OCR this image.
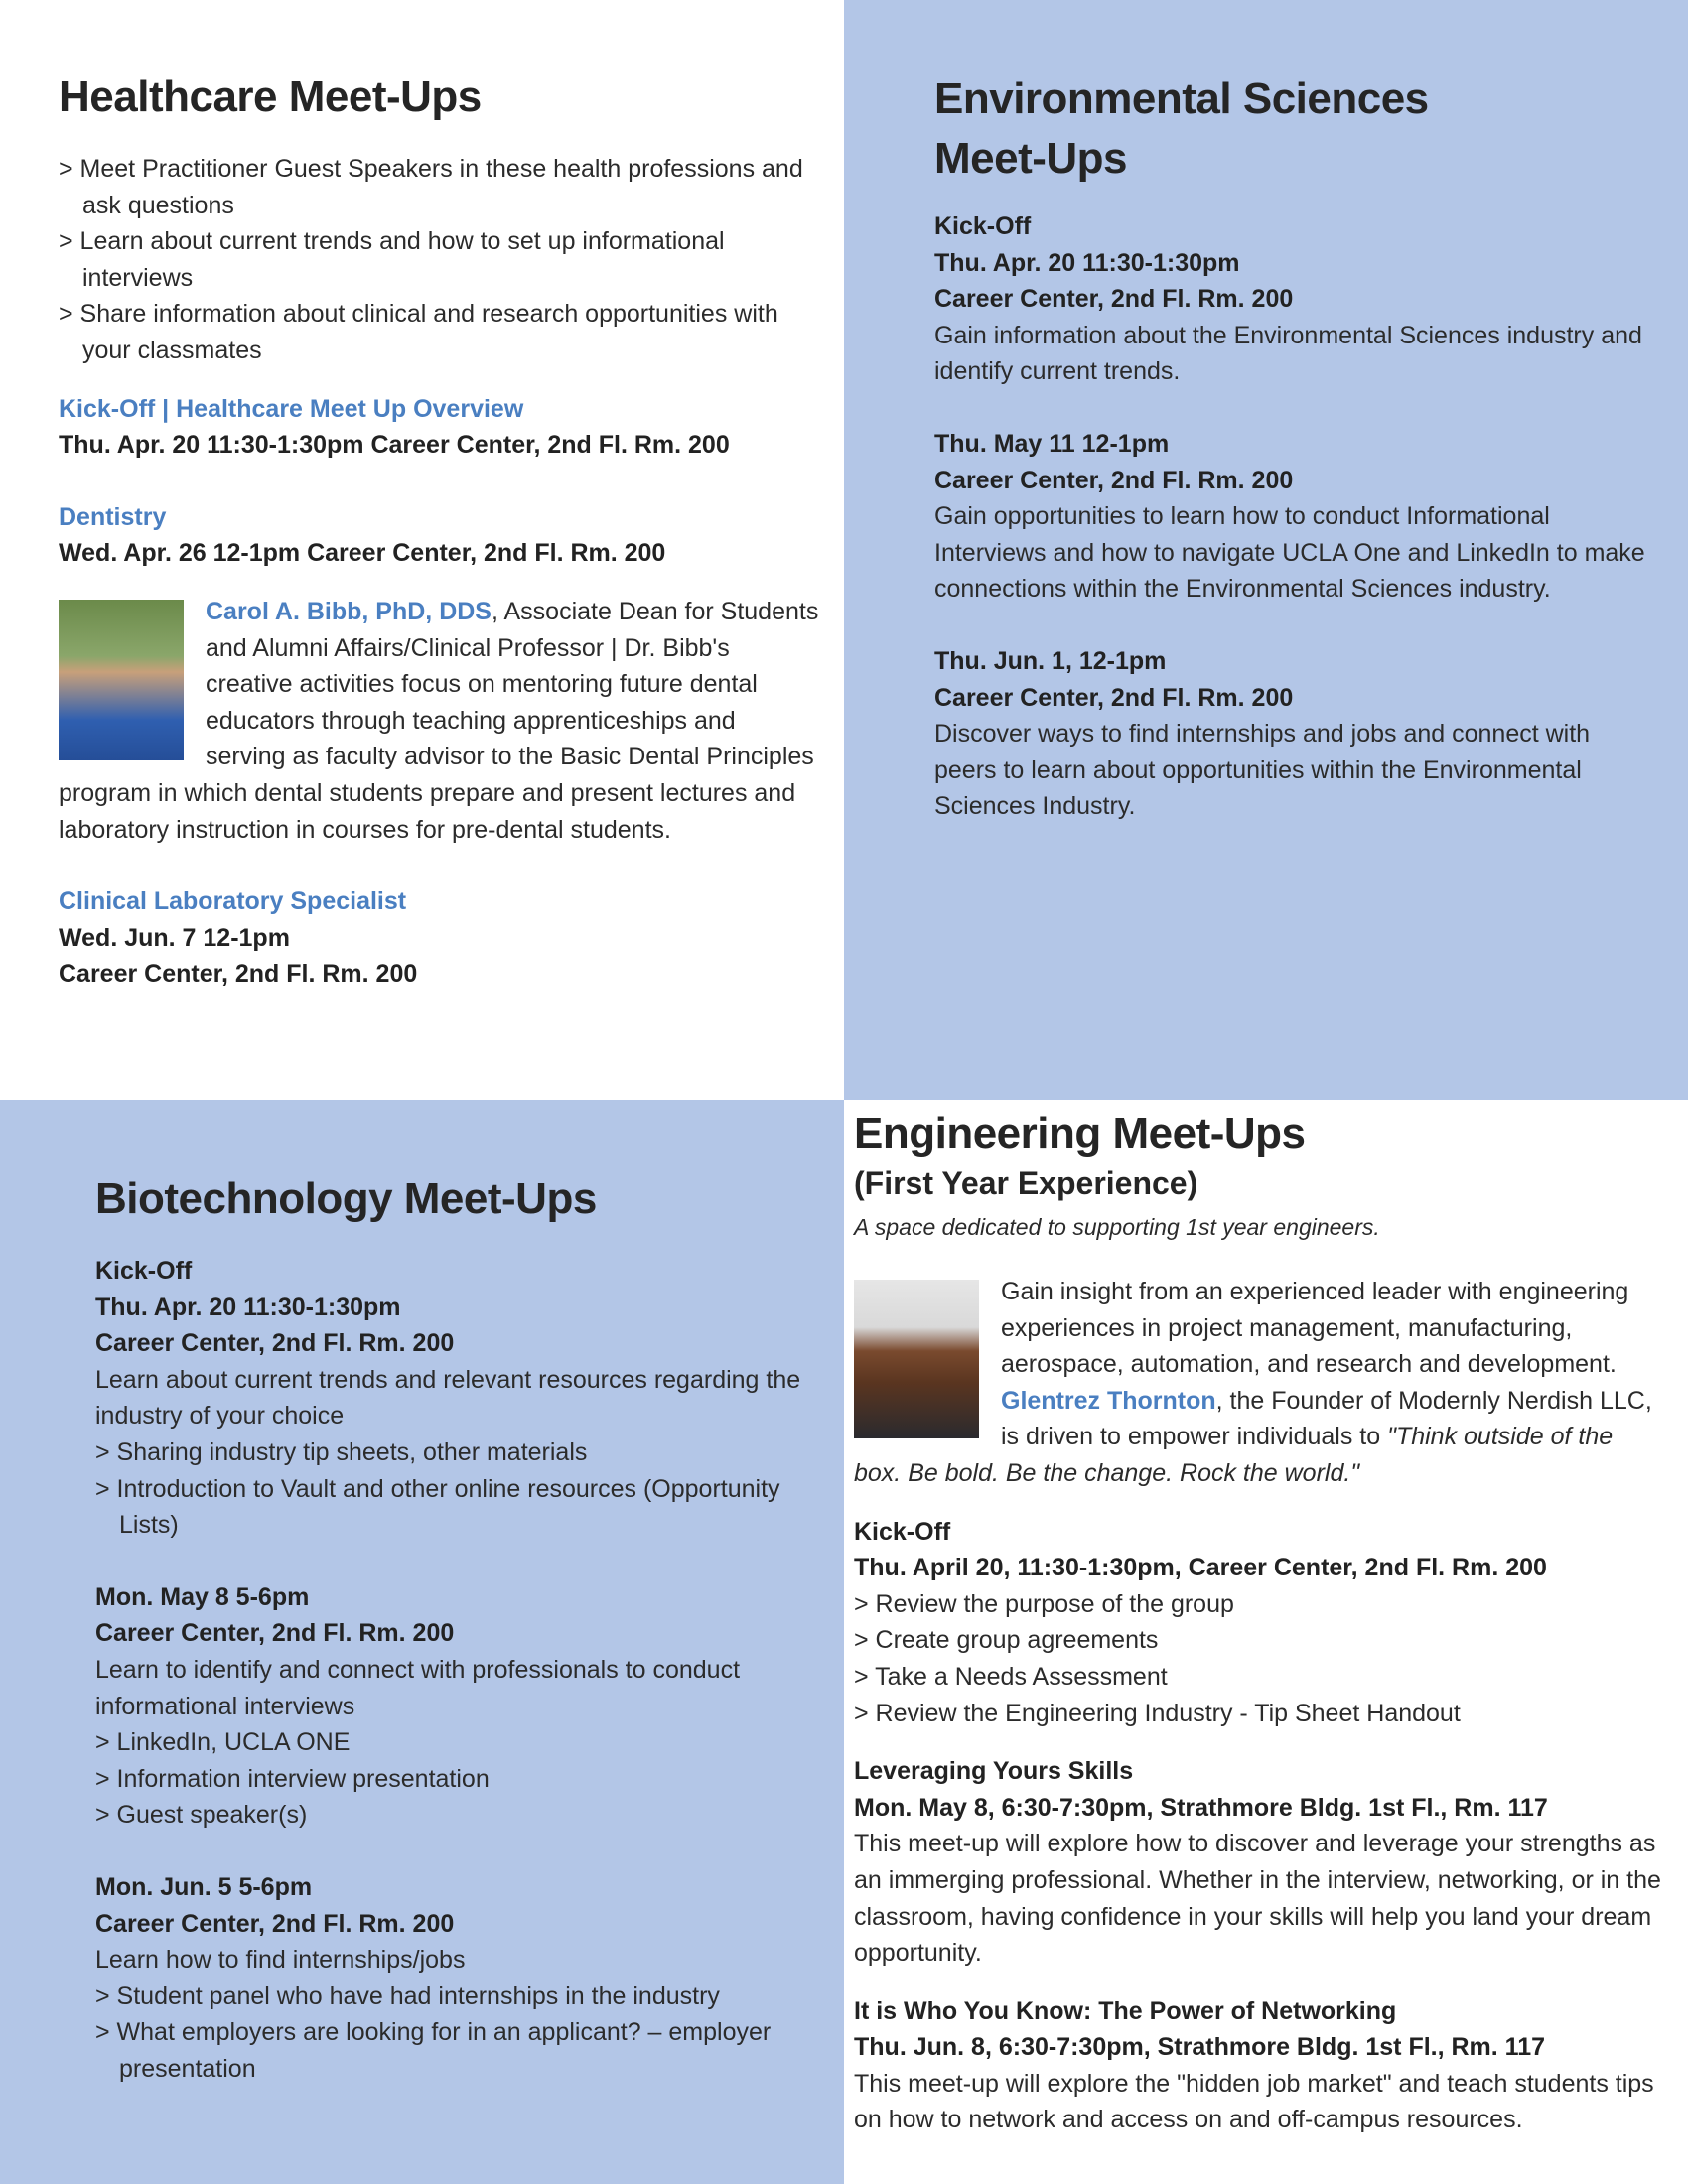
Healthcare Meet-Ups

> Meet Practitioner Guest Speakers in these health professions and ask questions

> Learn about current trends and how to set up informational interviews

> Share information about clinical and research opportunities with your classmates

Kick-Off | Healthcare Meet Up Overview

Thu. Apr. 20 11:30-1:30pm Career Center, 2nd Fl. Rm. 200

Dentistry

Wed. Apr. 26 12-1pm Career Center, 2nd Fl. Rm. 200

Carol A. Bibb, PhD, DDS, Associate Dean for Students and Alumni Affairs/Clinical Professor | Dr. Bibb's creative activities focus on mentoring future dental educators through teaching apprenticeships and serving as faculty advisor to the Basic Dental Principles program in which dental students prepare and present lectures and laboratory instruction in courses for pre-dental students.

Clinical Laboratory Specialist

Wed. Jun. 7 12-1pm

Career Center, 2nd Fl. Rm. 200

Environmental Sciences
Meet-Ups

Kick-Off

Thu. Apr. 20 11:30-1:30pm

Career Center, 2nd Fl. Rm. 200

Gain information about the Environmental Sciences industry and identify current trends.

Thu. May 11 12-1pm

Career Center, 2nd Fl. Rm. 200

Gain opportunities to learn how to conduct Informational Interviews and how to navigate UCLA One and LinkedIn to make connections within the Environmental Sciences industry.

Thu. Jun. 1, 12-1pm

Career Center, 2nd Fl. Rm. 200

Discover ways to find internships and jobs and connect with peers to learn about opportunities within the Environmental Sciences Industry.

Biotechnology Meet-Ups

Kick-Off

Thu. Apr. 20 11:30-1:30pm

Career Center, 2nd Fl. Rm. 200

Learn about current trends and relevant resources regarding the industry of your choice

> Sharing industry tip sheets, other materials

> Introduction to Vault and other online resources (Opportunity Lists)

Mon. May 8 5-6pm

Career Center, 2nd Fl. Rm. 200

Learn to identify and connect with professionals to conduct informational interviews

> LinkedIn, UCLA ONE

> Information interview presentation

> Guest speaker(s)

Mon. Jun. 5 5-6pm

Career Center, 2nd Fl. Rm. 200

Learn how to find internships/jobs

> Student panel who have had internships in the industry

> What employers are looking for in an applicant? – employer presentation

Engineering Meet-Ups
(First Year Experience)

A space dedicated to supporting 1st year engineers.

Gain insight from an experienced leader with engineering experiences in project management, manufacturing, aerospace, automation, and research and development. Glentrez Thornton, the Founder of Modernly Nerdish LLC, is driven to empower individuals to "Think outside of the box. Be bold. Be the change. Rock the world."

Kick-Off

Thu. April 20, 11:30-1:30pm, Career Center, 2nd Fl. Rm. 200

> Review the purpose of the group

> Create group agreements

> Take a Needs Assessment

> Review the Engineering Industry - Tip Sheet Handout

Leveraging Yours Skills

Mon. May 8, 6:30-7:30pm, Strathmore Bldg. 1st Fl., Rm. 117

This meet-up will explore how to discover and leverage your strengths as an immerging professional. Whether in the interview, networking, or in the classroom, having confidence in your skills will help you land your dream opportunity.

It is Who You Know: The Power of Networking

Thu. Jun. 8, 6:30-7:30pm, Strathmore Bldg. 1st Fl., Rm. 117

This meet-up will explore the "hidden job market" and teach students tips on how to network and access on and off-campus resources.
